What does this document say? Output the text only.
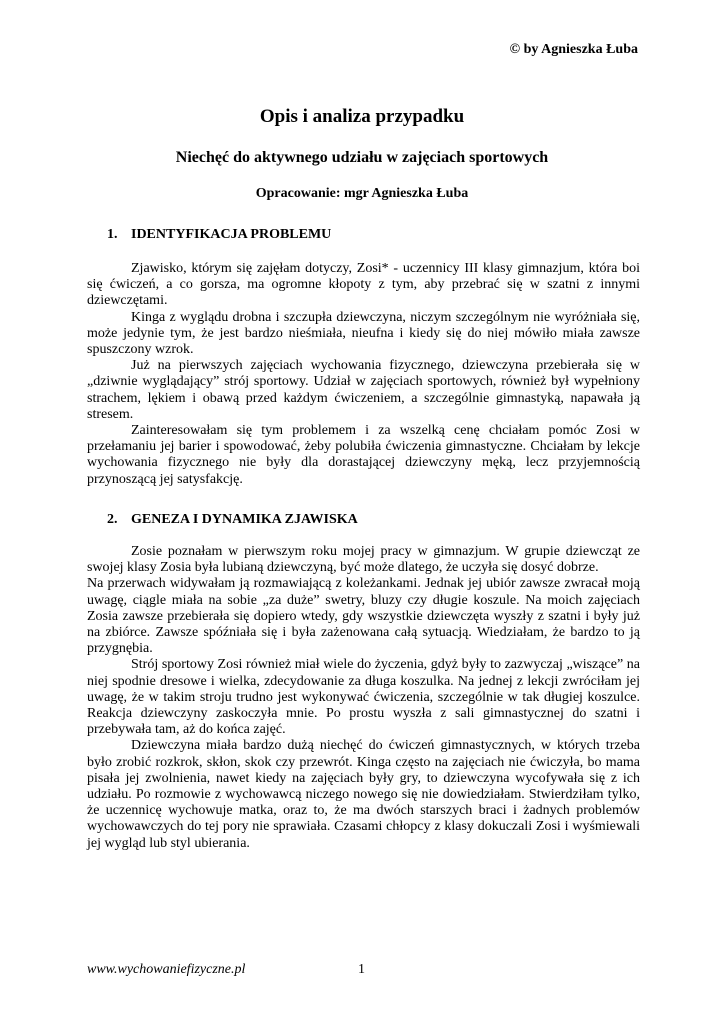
© by Agnieszka Łuba
Opis i analiza przypadku
Niechęć do aktywnego udziału w zajęciach sportowych
Opracowanie: mgr Agnieszka Łuba
1. IDENTYFIKACJA PROBLEMU

Zjawisko, którym się zajęłam dotyczy, Zosi* - uczennicy III klasy gimnazjum, która boi się ćwiczeń, a co gorsza, ma ogromne kłopoty z tym, aby przebrać się w szatni z innymi dziewczętami.

Kinga z wyglądu drobna i szczupła dziewczyna, niczym szczególnym nie wyróżniała się, może jedynie tym, że jest bardzo nieśmiała, nieufna i kiedy się do niej mówiło miała zawsze spuszczony wzrok.

Już na pierwszych zajęciach wychowania fizycznego, dziewczyna przebierała się w „dziwnie wyglądający” strój sportowy. Udział w zajęciach sportowych, również był wypełniony strachem, lękiem i obawą przed każdym ćwiczeniem, a szczególnie gimnastyką, napawała ją stresem.

Zainteresowałam się tym problemem i za wszelką cenę chciałam pomóc Zosi w przełamaniu jej barier i spowodować, żeby polubiła ćwiczenia gimnastyczne. Chciałam by lekcje wychowania fizycznego nie były dla dorastającej dziewczyny męką, lecz przyjemnością przynoszącą jej satysfakcję.

2. GENEZA I DYNAMIKA ZJAWISKA

Zosie poznałam w pierwszym roku mojej pracy w gimnazjum. W grupie dziewcząt ze swojej klasy Zosia była lubianą dziewczyną, być może dlatego, że uczyła się dosyć dobrze.

Na przerwach widywałam ją rozmawiającą z koleżankami. Jednak jej ubiór zawsze zwracał moją uwagę, ciągle miała na sobie „za duże” swetry, bluzy czy długie koszule. Na moich zajęciach Zosia zawsze przebierała się dopiero wtedy, gdy wszystkie dziewczęta wyszły z szatni i były już na zbiórce. Zawsze spóźniała się i była zażenowana całą sytuacją. Wiedziałam, że bardzo to ją przygnębia.

Strój sportowy Zosi również miał wiele do życzenia, gdyż były to zazwyczaj „wiszące” na niej spodnie dresowe i wielka, zdecydowanie za długa koszulka. Na jednej z lekcji zwróciłam jej uwagę, że w takim stroju trudno jest wykonywać ćwiczenia, szczególnie w tak długiej koszulce. Reakcja dziewczyny zaskoczyła mnie. Po prostu wyszła z sali gimnastycznej do szatni i przebywała tam, aż do końca zajęć.

Dziewczyna miała bardzo dużą niechęć do ćwiczeń gimnastycznych, w których trzeba było zrobić rozkrok, skłon, skok czy przewrót. Kinga często na zajęciach nie ćwiczyła, bo mama pisała jej zwolnienia, nawet kiedy na zajęciach były gry, to dziewczyna wycofywała się z ich udziału. Po rozmowie z wychowawcą niczego nowego się nie dowiedziałam. Stwierdziłam tylko, że uczennicę wychowuje matka, oraz to, że ma dwóch starszych braci i żadnych problemów wychowawczych do tej pory nie sprawiała. Czasami chłopcy z klasy dokuczali Zosi i wyśmiewali jej wygląd lub styl ubierania.

www.wychowaniefizyczne.pl	1
